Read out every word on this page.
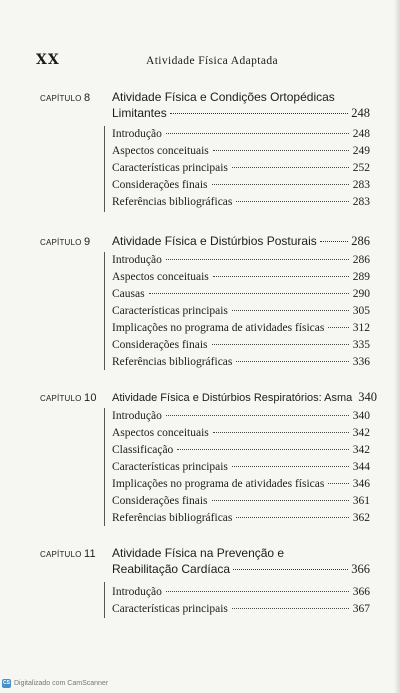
XX	Atividade Física Adaptada
CAPÍTULO 8 Atividade Física e Condições Ortopédicas
Limitantes	248
Introdução	248
Aspectos conceituais	249
Características principais	252
Considerações finais	283
Referências bibliográficas	283
CAPÍTULO 9 Atividade Física e Distúrbios Posturais	286
Introdução	286
Aspectos conceituais	289
Causas	290
Características principais	305
Implicações no programa de atividades físicas 312
Considerações finais	335
Referências bibliográficas	336
CAPÍTULO 10 Atividade Física e Distúrbios Respiratórios: Asma 340
Introdução	340
Aspectos conceituais	342
Classificação	342
Características principais	344
Implicações no programa de atividades físicas 346
Considerações finais	361
Referências bibliográficas	362
CAPÍTULO 11 Atividade Física na Prevenção e
Reabilitação Cardíaca	366
Introdução	366
Características principais	367
CS Digitalizado com CamScanner
